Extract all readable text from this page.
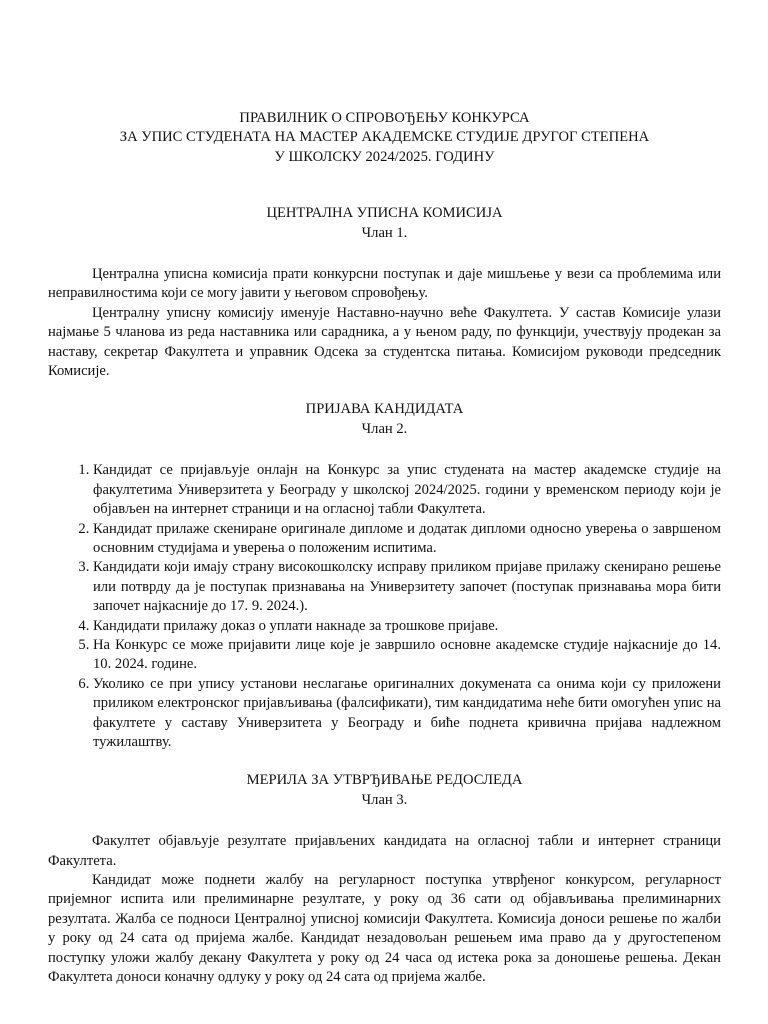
ПРАВИЛНИК О СПРОВОЂЕЊУ КОНКУРСА

ЗА УПИС СТУДЕНАТА НА МАСТЕР АКАДЕМСКЕ СТУДИЈЕ ДРУГОГ СТЕПЕНА

У ШКОЛСКУ 2024/2025. ГОДИНУ

ЦЕНТРАЛНА УПИСНА КОМИСИЈА

Члан 1.

Централна уписна комисија прати конкурсни поступак и даје мишљење у вези са проблемима или неправилностима који се могу јавити у његовом спровођењу.

Централну уписну комисију именује Наставно-научно веће Факултета. У састав Комисије улази најмање 5 чланова из реда наставника или сарадника, а у њеном раду, по функцији, учествују продекан за наставу, секретар Факултета и управник Одсека за студентска питања. Комисијом руководи председник Комисије.

ПРИЈАВА КАНДИДАТА

Члан 2.

1. Кандидат се пријављује онлајн на Конкурс за упис студената на мастер академске студије на факултетима Универзитета у Београду у школској 2024/2025. години у временском периоду који је објављен на интернет страници и на огласној табли Факултета.
2. Кандидат прилаже скениране оригинале дипломе и додатак дипломи односно уверења о завршеном основним студијама и уверења о положеним испитима.
3. Кандидати који имају страну високошколску исправу приликом пријаве прилажу скенирано решење или потврду да је поступак признавања на Универзитету започет (поступак признавања мора бити започет најкасније до 17. 9. 2024.).
4. Кандидати прилажу доказ о уплати накнаде за трошкове пријаве.
5. На Конкурс се може пријавити лице које је завршило основне академске студије најкасније до 14. 10. 2024. године.
6. Уколико се при упису установи неслагање оригиналних докумената са онима који су приложени приликом електронског пријављивања (фалсификати), тим кандидатима неће бити омогућен упис на факултете у саставу Универзитета у Београду и биће поднета кривична пријава надлежном тужилаштву.

МЕРИЛА ЗА УТВРЂИВАЊЕ РЕДОСЛЕДА

Члан 3.

Факултет објављује резултате пријављених кандидата на огласној табли и интернет страници Факултета.

Кандидат може поднети жалбу на регуларност поступка утврђеног конкурсом, регуларност пријемног испита или прелиминарне резултате, у року од 36 сати од објављивања прелиминарних резултата. Жалба се подноси Централној уписној комисији Факултета. Комисија доноси решење по жалби у року од 24 сата од пријема жалбе. Кандидат незадовољан решењем има право да у другостепеном поступку уложи жалбу декану Факултета у року од 24 часа од истека рока за доношење решења. Декан Факултета доноси коначну одлуку у року од 24 сата од пријема жалбе.
